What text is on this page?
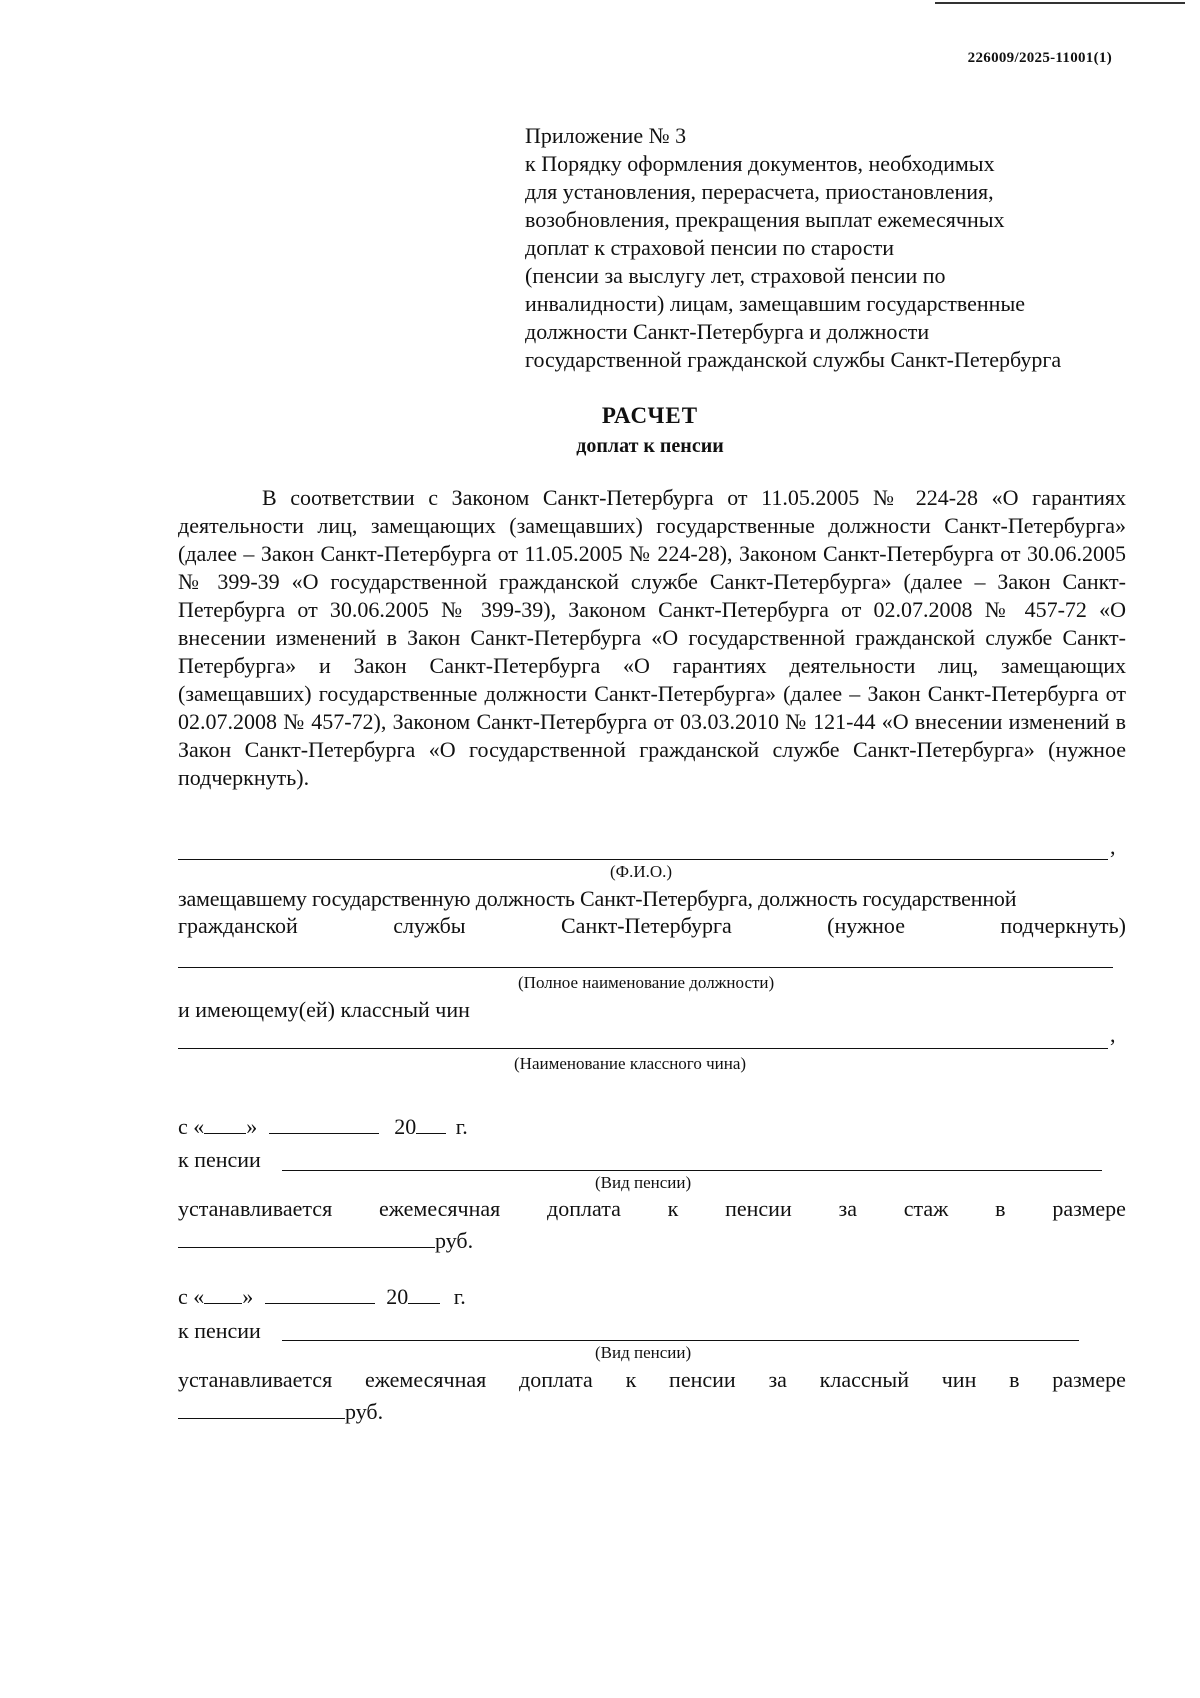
226009/2025-11001(1)
Приложение № 3
к Порядку оформления документов, необходимых
для установления, перерасчета, приостановления,
возобновления, прекращения выплат ежемесячных
доплат к страховой пенсии по старости
(пенсии за выслугу лет, страховой пенсии по
инвалидности) лицам, замещавшим государственные
должности Санкт-Петербурга и должности
государственной гражданской службы Санкт-Петербурга
РАСЧЕТ
доплат к пенсии
В соответствии с Законом Санкт-Петербурга от 11.05.2005 № 224-28 «О гарантиях деятельности лиц, замещающих (замещавших) государственные должности Санкт-Петербурга» (далее – Закон Санкт-Петербурга от 11.05.2005 № 224-28), Законом Санкт-Петербурга от 30.06.2005 № 399-39 «О государственной гражданской службе Санкт-Петербурга» (далее – Закон Санкт-Петербурга от 30.06.2005 № 399-39), Законом Санкт-Петербурга от 02.07.2008 № 457-72 «О внесении изменений в Закон Санкт-Петербурга «О государственной гражданской службе Санкт-Петербурга» и Закон Санкт-Петербурга «О гарантиях деятельности лиц, замещающих (замещавших) государственные должности Санкт-Петербурга» (далее – Закон Санкт-Петербурга от 02.07.2008 № 457-72), Законом Санкт-Петербурга от 03.03.2010 № 121-44 «О внесении изменений в Закон Санкт-Петербурга «О государственной гражданской службе Санкт-Петербурга» (нужное подчеркнуть).
,
(Ф.И.О.)
замещавшему государственную должность Санкт-Петербурга, должность государственной
гражданской	службы	Санкт-Петербурга	(нужное	подчеркнуть)
(Полное наименование должности)
и имеющему(ей) классный чин
,
(Наименование классного чина)
с « »	20 г.
к пенсии
(Вид пенсии)
устанавливается ежемесячная доплата к пенсии за стаж в размере
руб.
с « »	20 г.
к пенсии
(Вид пенсии)
устанавливается ежемесячная доплата к пенсии за классный чин в размере
руб.
